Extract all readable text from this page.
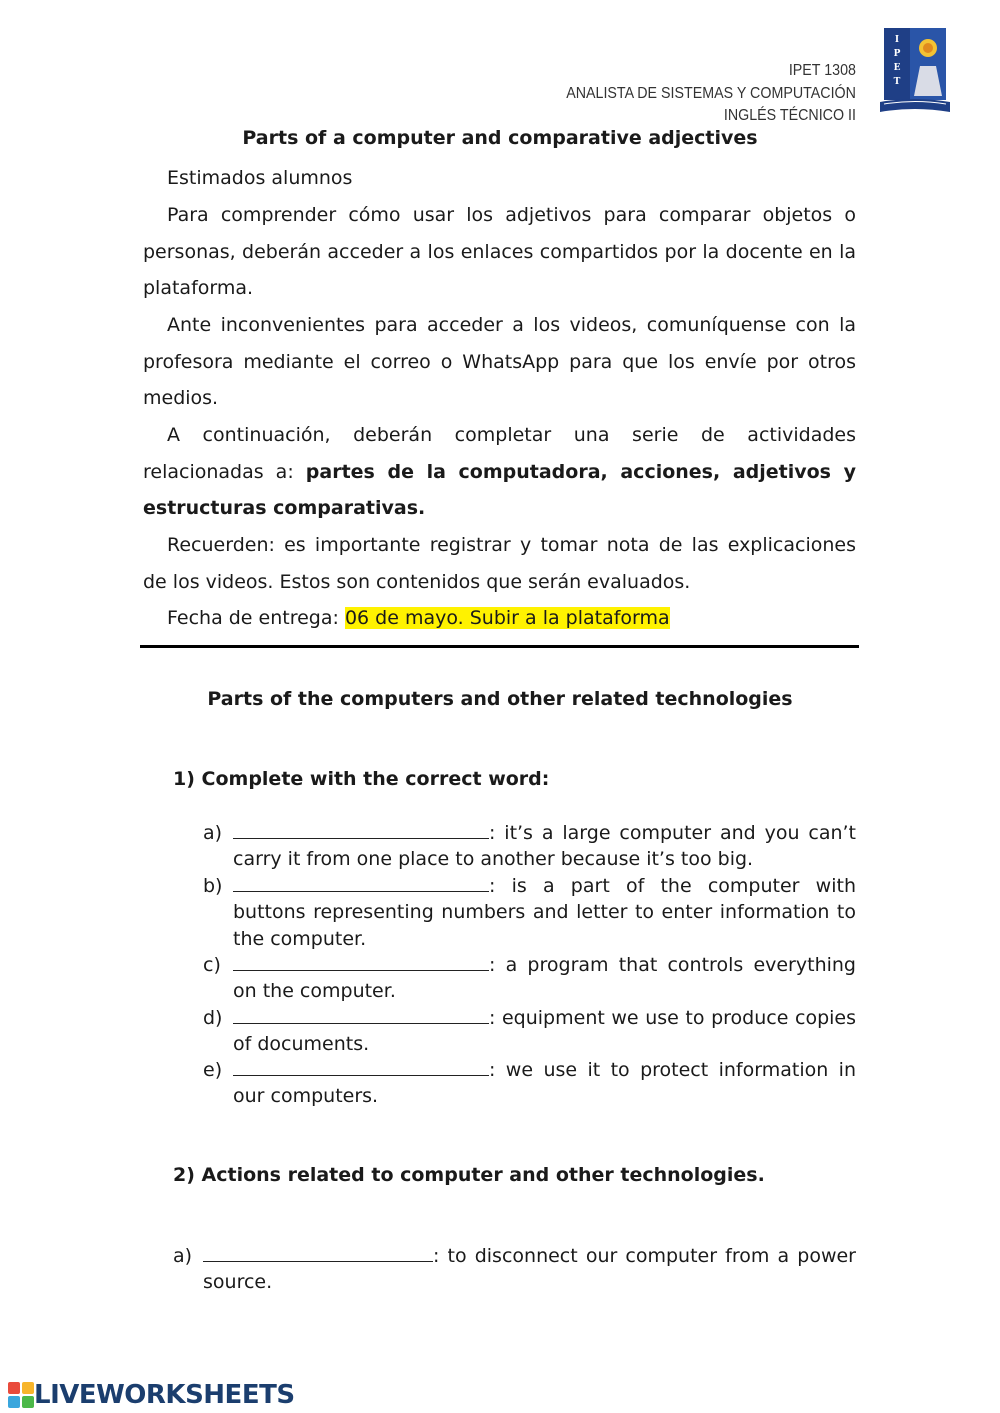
IPET 1308
ANALISTA DE SISTEMAS Y COMPUTACIÓN
INGLÉS TÉCNICO II
I
P
E
T
Parts of a computer and comparative adjectives
Estimados alumnos
Para comprender cómo usar los adjetivos para comparar objetos o personas, deberán acceder a los enlaces compartidos por la docente en la plataforma.
Ante inconvenientes para acceder a los videos, comuníquense con la profesora mediante el correo o WhatsApp para que los envíe por otros medios.
A continuación, deberán completar una serie de actividades relacionadas a: partes de la computadora, acciones, adjetivos y estructuras comparativas.
Recuerden: es importante registrar y tomar nota de las explicaciones de los videos. Estos son contenidos que serán evaluados.
Fecha de entrega: 06 de mayo. Subir a la plataforma
Parts of the computers and other related technologies
1) Complete with the correct word:
a)	: it’s a large computer and you can’t carry it from one place to another because it’s too big.
b)	: is a part of the computer with buttons representing numbers and letter to enter information to the computer.
c)	: a program that controls everything on the computer.
d)	: equipment we use to produce copies of documents.
e)	: we use it to protect information in our computers.
2) Actions related to computer and other technologies.
a)	: to disconnect our computer from a power source.
LIVEWORKSHEETS
